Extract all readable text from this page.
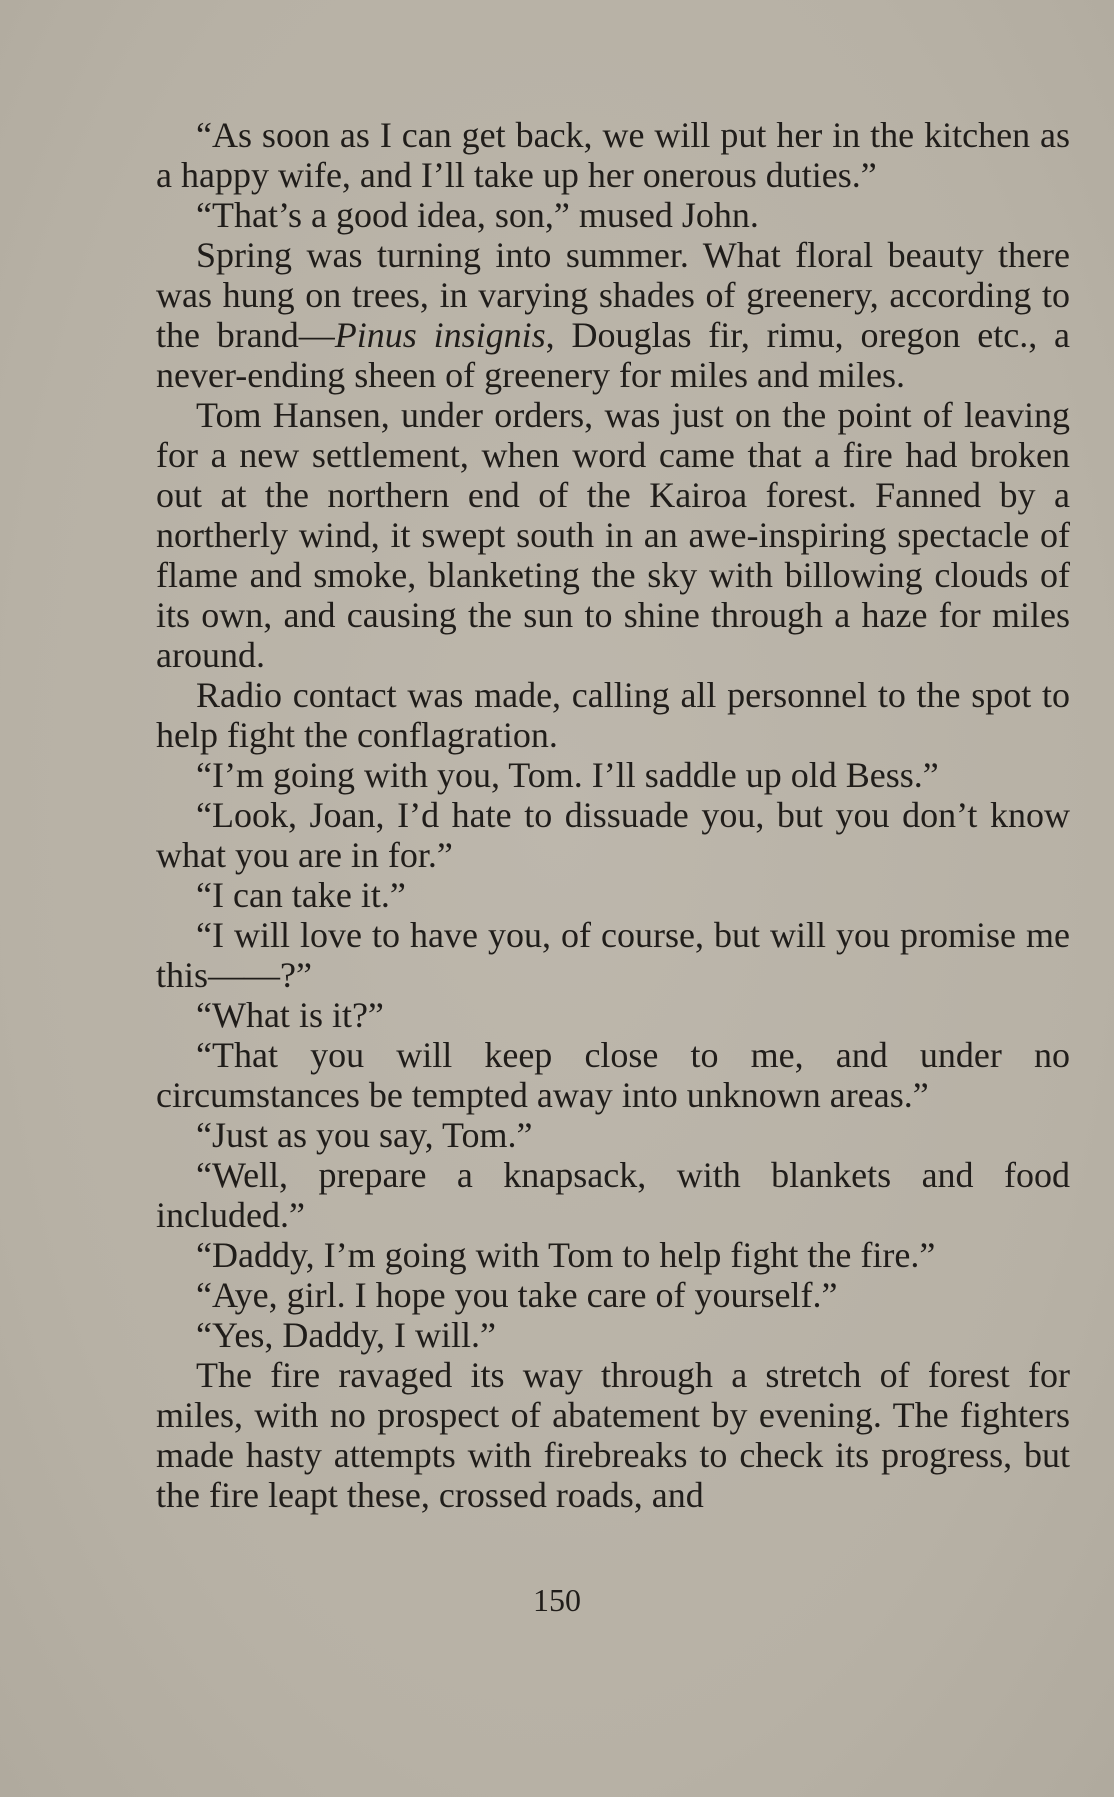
“As soon as I can get back, we will put her in the kitchen as a happy wife, and I’ll take up her onerous duties.”

“That’s a good idea, son,” mused John.

Spring was turning into summer. What floral beauty there was hung on trees, in varying shades of greenery, according to the brand—Pinus insignis, Douglas fir, rimu, oregon etc., a never-ending sheen of greenery for miles and miles.

Tom Hansen, under orders, was just on the point of leaving for a new settlement, when word came that a fire had broken out at the northern end of the Kairoa forest. Fanned by a northerly wind, it swept south in an awe-inspiring spectacle of flame and smoke, blanketing the sky with billowing clouds of its own, and causing the sun to shine through a haze for miles around.

Radio contact was made, calling all personnel to the spot to help fight the conflagration.

“I’m going with you, Tom. I’ll saddle up old Bess.”

“Look, Joan, I’d hate to dissuade you, but you don’t know what you are in for.”

“I can take it.”

“I will love to have you, of course, but will you promise me this——?”

“What is it?”

“That you will keep close to me, and under no circumstances be tempted away into unknown areas.”

“Just as you say, Tom.”

“Well, prepare a knapsack, with blankets and food included.”

“Daddy, I’m going with Tom to help fight the fire.”

“Aye, girl. I hope you take care of yourself.”

“Yes, Daddy, I will.”

The fire ravaged its way through a stretch of forest for miles, with no prospect of abatement by evening. The fighters made hasty attempts with firebreaks to check its progress, but the fire leapt these, crossed roads, and

150
